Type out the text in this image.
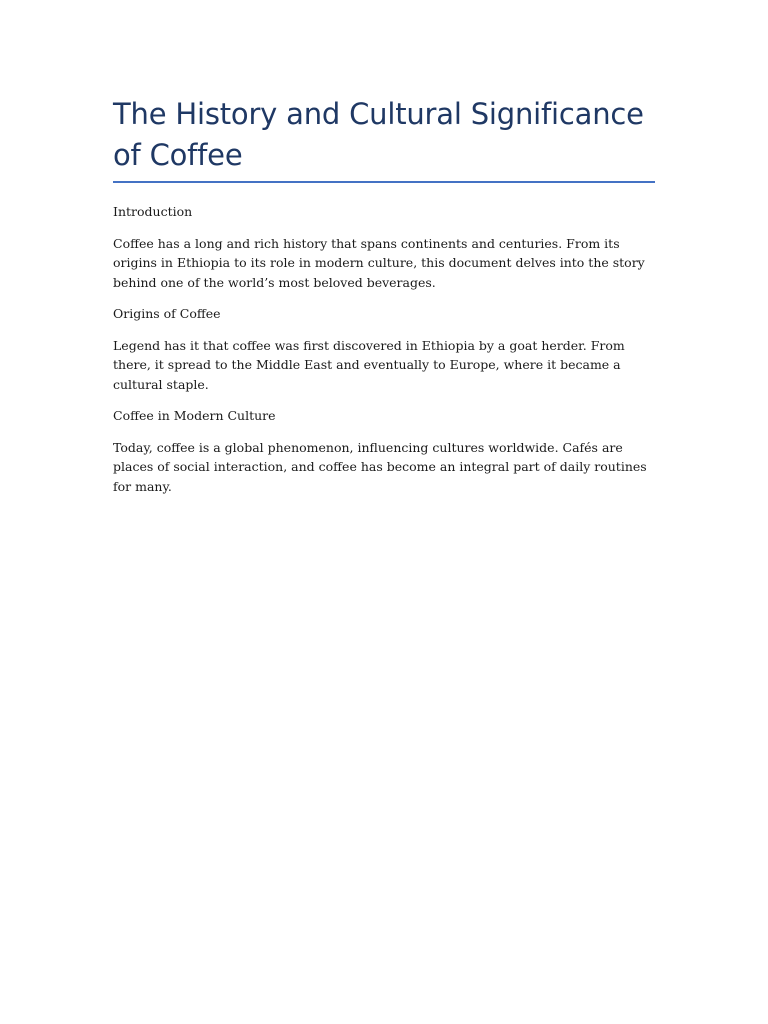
The History and Cultural Significance of Coffee

Introduction

Coffee has a long and rich history that spans continents and centuries. From its origins in Ethiopia to its role in modern culture, this document delves into the story behind one of the world’s most beloved beverages.

Origins of Coffee

Legend has it that coffee was first discovered in Ethiopia by a goat herder. From there, it spread to the Middle East and eventually to Europe, where it became a cultural staple.

Coffee in Modern Culture

Today, coffee is a global phenomenon, influencing cultures worldwide. Cafés are places of social interaction, and coffee has become an integral part of daily routines for many.
